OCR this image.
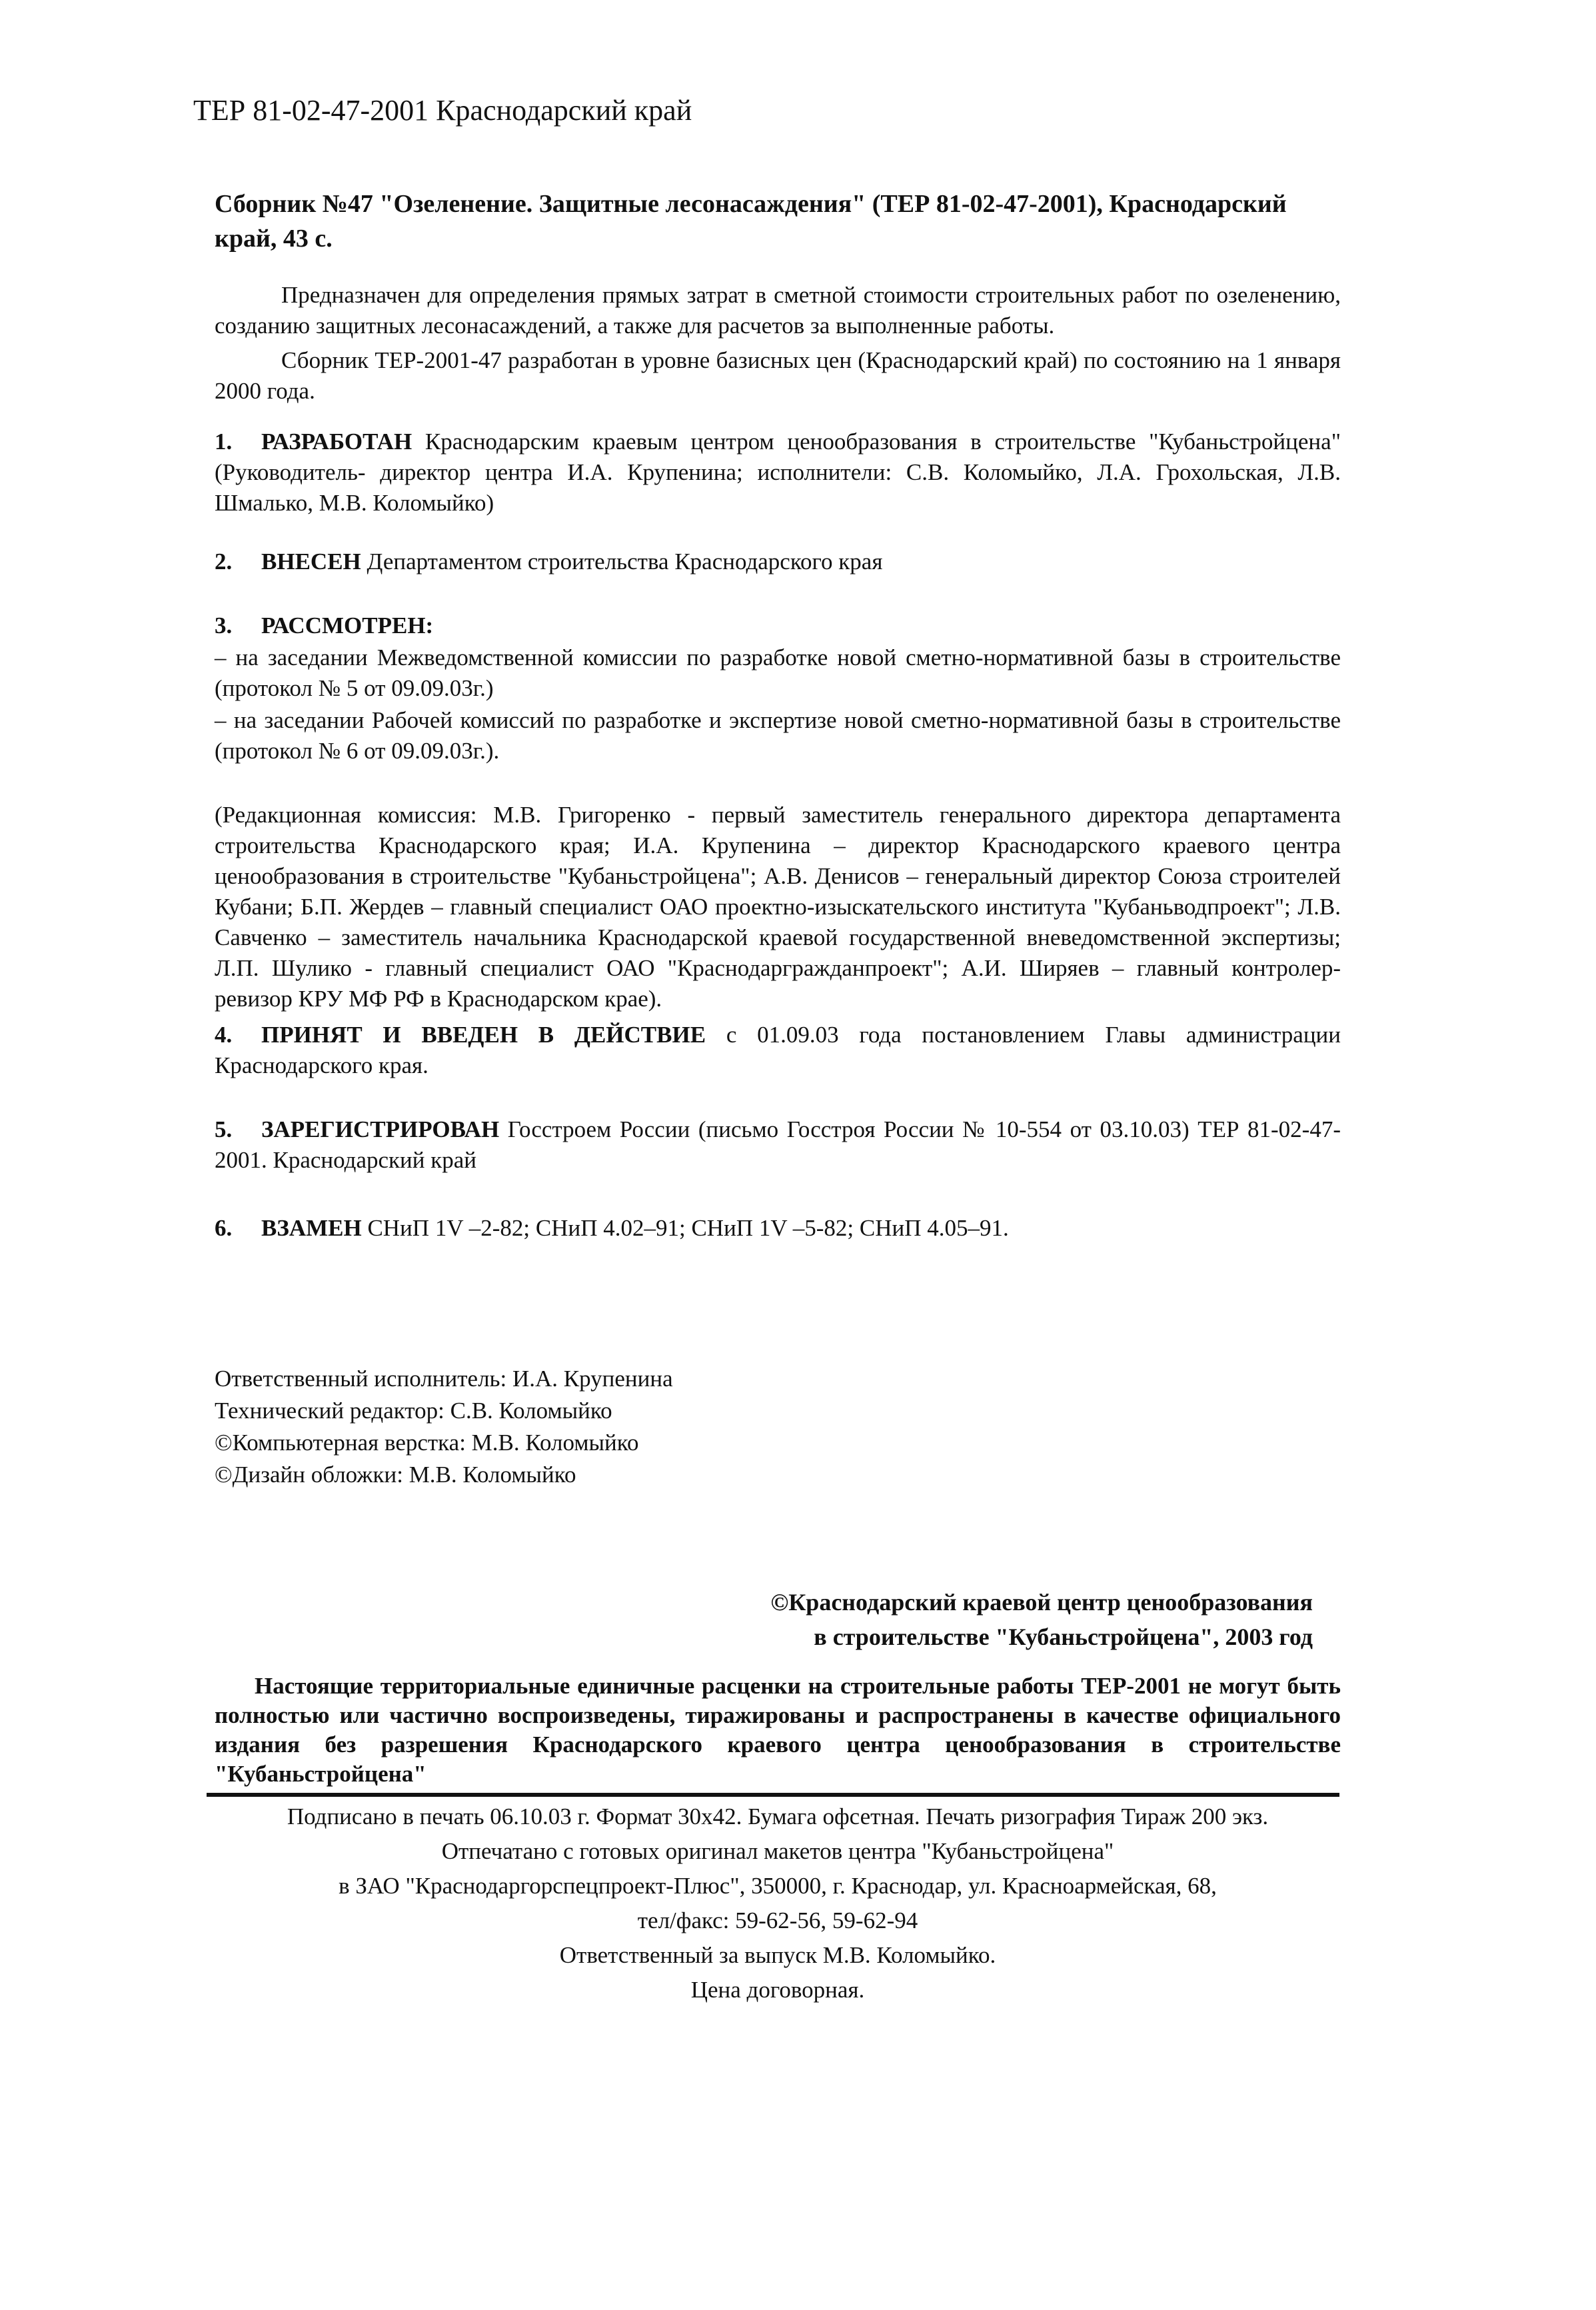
ТЕР 81-02-47-2001 Краснодарский край
Сборник №47 "Озеленение. Защитные лесонасаждения" (ТЕР 81-02-47-2001), Краснодарский край, 43 с.

Предназначен для определения прямых затрат в сметной стоимости строительных работ по озеленению, созданию защитных лесонасаждений, а также для расчетов за выполненные работы.

Сборник ТЕР-2001-47 разработан в уровне базисных цен (Краснодарский край) по состоянию на 1 января 2000 года.

1. РАЗРАБОТАН Краснодарским краевым центром ценообразования в строительстве "Кубаньстройцена" (Руководитель- директор центра И.А. Крупенина; исполнители: С.В. Коломыйко, Л.А. Грохольская, Л.В. Шмалько, М.В. Коломыйко)

2. ВНЕСЕН Департаментом строительства Краснодарского края

3. РАССМОТРЕН:

– на заседании Межведомственной комиссии по разработке новой сметно-нормативной базы в строительстве (протокол № 5 от 09.09.03г.)

– на заседании Рабочей комиссий по разработке и экспертизе новой сметно-нормативной базы в строительстве (протокол № 6 от 09.09.03г.).

(Редакционная комиссия: М.В. Григоренко - первый заместитель генерального директора департамента строительства Краснодарского края; И.А. Крупенина – директор Краснодарского краевого центра ценообразования в строительстве "Кубаньстройцена"; А.В. Денисов – генеральный директор Союза строителей Кубани; Б.П. Жердев – главный специалист ОАО проектно-изыскательского института "Кубаньводпроект"; Л.В. Савченко – заместитель начальника Краснодарской краевой государственной вневедомственной экспертизы; Л.П. Шулико - главный специалист ОАО "Краснодаргражданпроект"; А.И. Ширяев – главный контролер-ревизор КРУ МФ РФ в Краснодарском крае).

4. ПРИНЯТ И ВВЕДЕН В ДЕЙСТВИЕ с 01.09.03 года постановлением Главы администрации Краснодарского края.

5. ЗАРЕГИСТРИРОВАН Госстроем России (письмо Госстроя России № 10-554 от 03.10.03) ТЕР 81-02-47-2001. Краснодарский край

6. ВЗАМЕН СНиП 1V –2-82; СНиП 4.02–91; СНиП 1V –5-82; СНиП 4.05–91.

Ответственный исполнитель: И.А. Крупенина

Технический редактор: С.В. Коломыйко

©Компьютерная верстка: М.В. Коломыйко

©Дизайн обложки: М.В. Коломыйко

©Краснодарский краевой центр ценообразования

в строительстве "Кубаньстройцена", 2003 год

Настоящие территориальные единичные расценки на строительные работы ТЕР-2001 не могут быть полностью или частично воспроизведены, тиражированы и распространены в качестве официального издания без разрешения Краснодарского краевого центра ценообразования в строительстве "Кубаньстройцена"

Подписано в печать 06.10.03 г. Формат 30х42. Бумага офсетная. Печать ризография Тираж 200 экз.

Отпечатано с готовых оригинал макетов центра "Кубаньстройцена"

в ЗАО "Краснодаргорспецпроект-Плюс", 350000, г. Краснодар, ул. Красноармейская, 68,

тел/факс: 59-62-56, 59-62-94

Ответственный за выпуск М.В. Коломыйко.

Цена договорная.
